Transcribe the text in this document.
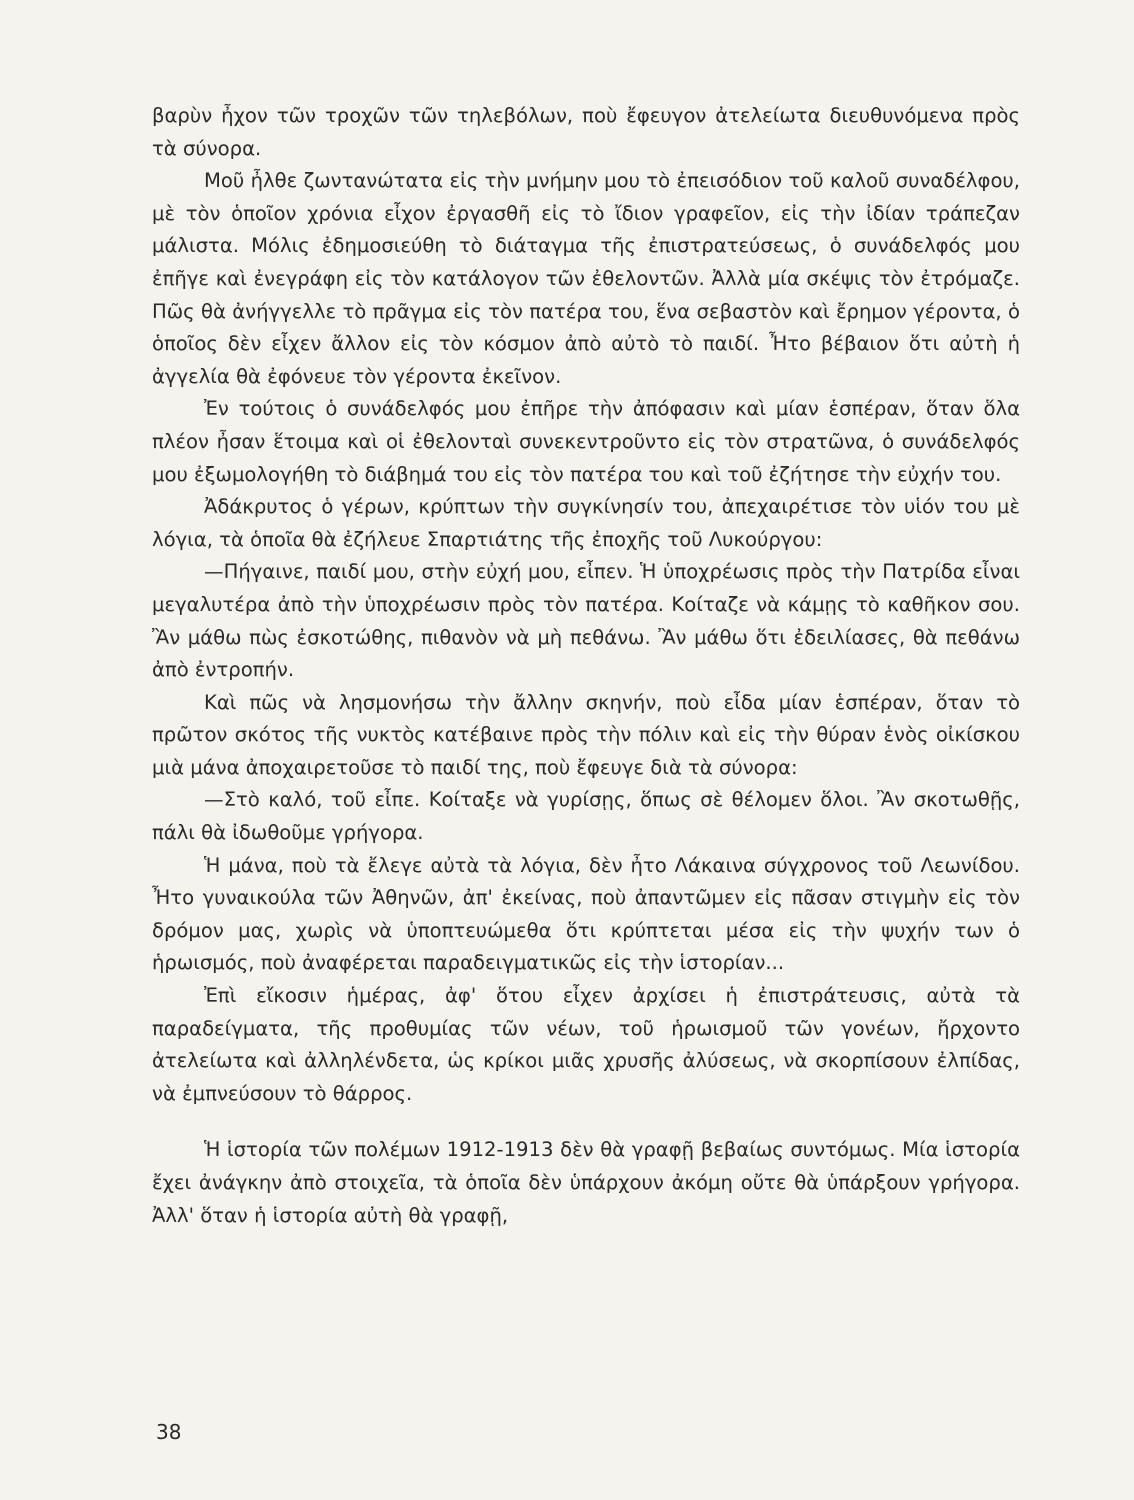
βαρὺν ἦχον τῶν τροχῶν τῶν τηλεβόλων, ποὺ ἔφευγον ἀτελείωτα διευθυνόμενα πρὸς τὰ σύνορα.

Μοῦ ἦλθε ζωντανώτατα εἰς τὴν μνήμην μου τὸ ἐπεισόδιον τοῦ καλοῦ συναδέλφου, μὲ τὸν ὁποῖον χρόνια εἶχον ἐργασθῆ εἰς τὸ ἴδιον γραφεῖον, εἰς τὴν ἰδίαν τράπεζαν μάλιστα. Μόλις ἐδημοσιεύθη τὸ διάταγμα τῆς ἐπιστρατεύσεως, ὁ συνάδελφός μου ἐπῆγε καὶ ἐνεγράφη εἰς τὸν κατάλογον τῶν ἐθελοντῶν. Ἀλλὰ μία σκέψις τὸν ἐτρόμαζε. Πῶς θὰ ἀνήγγελλε τὸ πρᾶγμα εἰς τὸν πατέρα του, ἕνα σεβαστὸν καὶ ἔρημον γέροντα, ὁ ὁποῖος δὲν εἶχεν ἄλλον εἰς τὸν κόσμον ἀπὸ αὐτὸ τὸ παιδί. Ἦτο βέβαιον ὅτι αὐτὴ ἡ ἀγγελία θὰ ἐφόνευε τὸν γέροντα ἐκεῖνον.

Ἐν τούτοις ὁ συνάδελφός μου ἐπῆρε τὴν ἀπόφασιν καὶ μίαν ἑσπέραν, ὅταν ὅλα πλέον ἦσαν ἕτοιμα καὶ οἱ ἐθελονταὶ συνεκεντροῦντο εἰς τὸν στρατῶνα, ὁ συνάδελφός μου ἐξωμολογήθη τὸ διάβημά του εἰς τὸν πατέρα του καὶ τοῦ ἐζήτησε τὴν εὐχήν του.

Ἀδάκρυτος ὁ γέρων, κρύπτων τὴν συγκίνησίν του, ἀπεχαιρέτισε τὸν υἱόν του μὲ λόγια, τὰ ὁποῖα θὰ ἐζήλευε Σπαρτιάτης τῆς ἐποχῆς τοῦ Λυκούργου:

—Πήγαινε, παιδί μου, στὴν εὐχή μου, εἶπεν. Ἡ ὑποχρέωσις πρὸς τὴν Πατρίδα εἶναι μεγαλυτέρα ἀπὸ τὴν ὑποχρέωσιν πρὸς τὸν πατέρα. Κοίταζε νὰ κάμῃς τὸ καθῆκον σου. Ἂν μάθω πὼς ἐσκοτώθης, πιθανὸν νὰ μὴ πεθάνω. Ἂν μάθω ὅτι ἐδειλίασες, θὰ πεθάνω ἀπὸ ἐντροπήν.

Καὶ πῶς νὰ λησμονήσω τὴν ἄλλην σκηνήν, ποὺ εἶδα μίαν ἑσπέραν, ὅταν τὸ πρῶτον σκότος τῆς νυκτὸς κατέβαινε πρὸς τὴν πόλιν καὶ εἰς τὴν θύραν ἑνὸς οἰκίσκου μιὰ μάνα ἀποχαιρετοῦσε τὸ παιδί της, ποὺ ἔφευγε διὰ τὰ σύνορα:

—Στὸ καλό, τοῦ εἶπε. Κοίταξε νὰ γυρίσῃς, ὅπως σὲ θέλομεν ὅλοι. Ἂν σκοτωθῇς, πάλι θὰ ἰδωθοῦμε γρήγορα.

Ἡ μάνα, ποὺ τὰ ἔλεγε αὐτὰ τὰ λόγια, δὲν ἦτο Λάκαινα σύγχρονος τοῦ Λεωνίδου. Ἦτο γυναικούλα τῶν Ἀθηνῶν, ἀπ' ἐκείνας, ποὺ ἀπαντῶμεν εἰς πᾶσαν στιγμὴν εἰς τὸν δρόμον μας, χωρὶς νὰ ὑποπτευώμεθα ὅτι κρύπτεται μέσα εἰς τὴν ψυχήν των ὁ ἡρωισμός, ποὺ ἀναφέρεται παραδειγματικῶς εἰς τὴν ἱστορίαν...

Ἐπὶ εἴκοσιν ἡμέρας, ἀφ' ὅτου εἶχεν ἀρχίσει ἡ ἐπιστράτευσις, αὐτὰ τὰ παραδείγματα, τῆς προθυμίας τῶν νέων, τοῦ ἡρωισμοῦ τῶν γονέων, ἤρχοντο ἀτελείωτα καὶ ἀλληλένδετα, ὡς κρίκοι μιᾶς χρυσῆς ἀλύσεως, νὰ σκορπίσουν ἐλπίδας, νὰ ἐμπνεύσουν τὸ θάρρος.

Ἡ ἱστορία τῶν πολέμων 1912-1913 δὲν θὰ γραφῇ βεβαίως συντόμως. Μία ἱστορία ἔχει ἀνάγκην ἀπὸ στοιχεῖα, τὰ ὁποῖα δὲν ὑπάρχουν ἀκόμη οὔτε θὰ ὑπάρξουν γρήγορα. Ἀλλ' ὅταν ἡ ἱστορία αὐτὴ θὰ γραφῇ,

38
